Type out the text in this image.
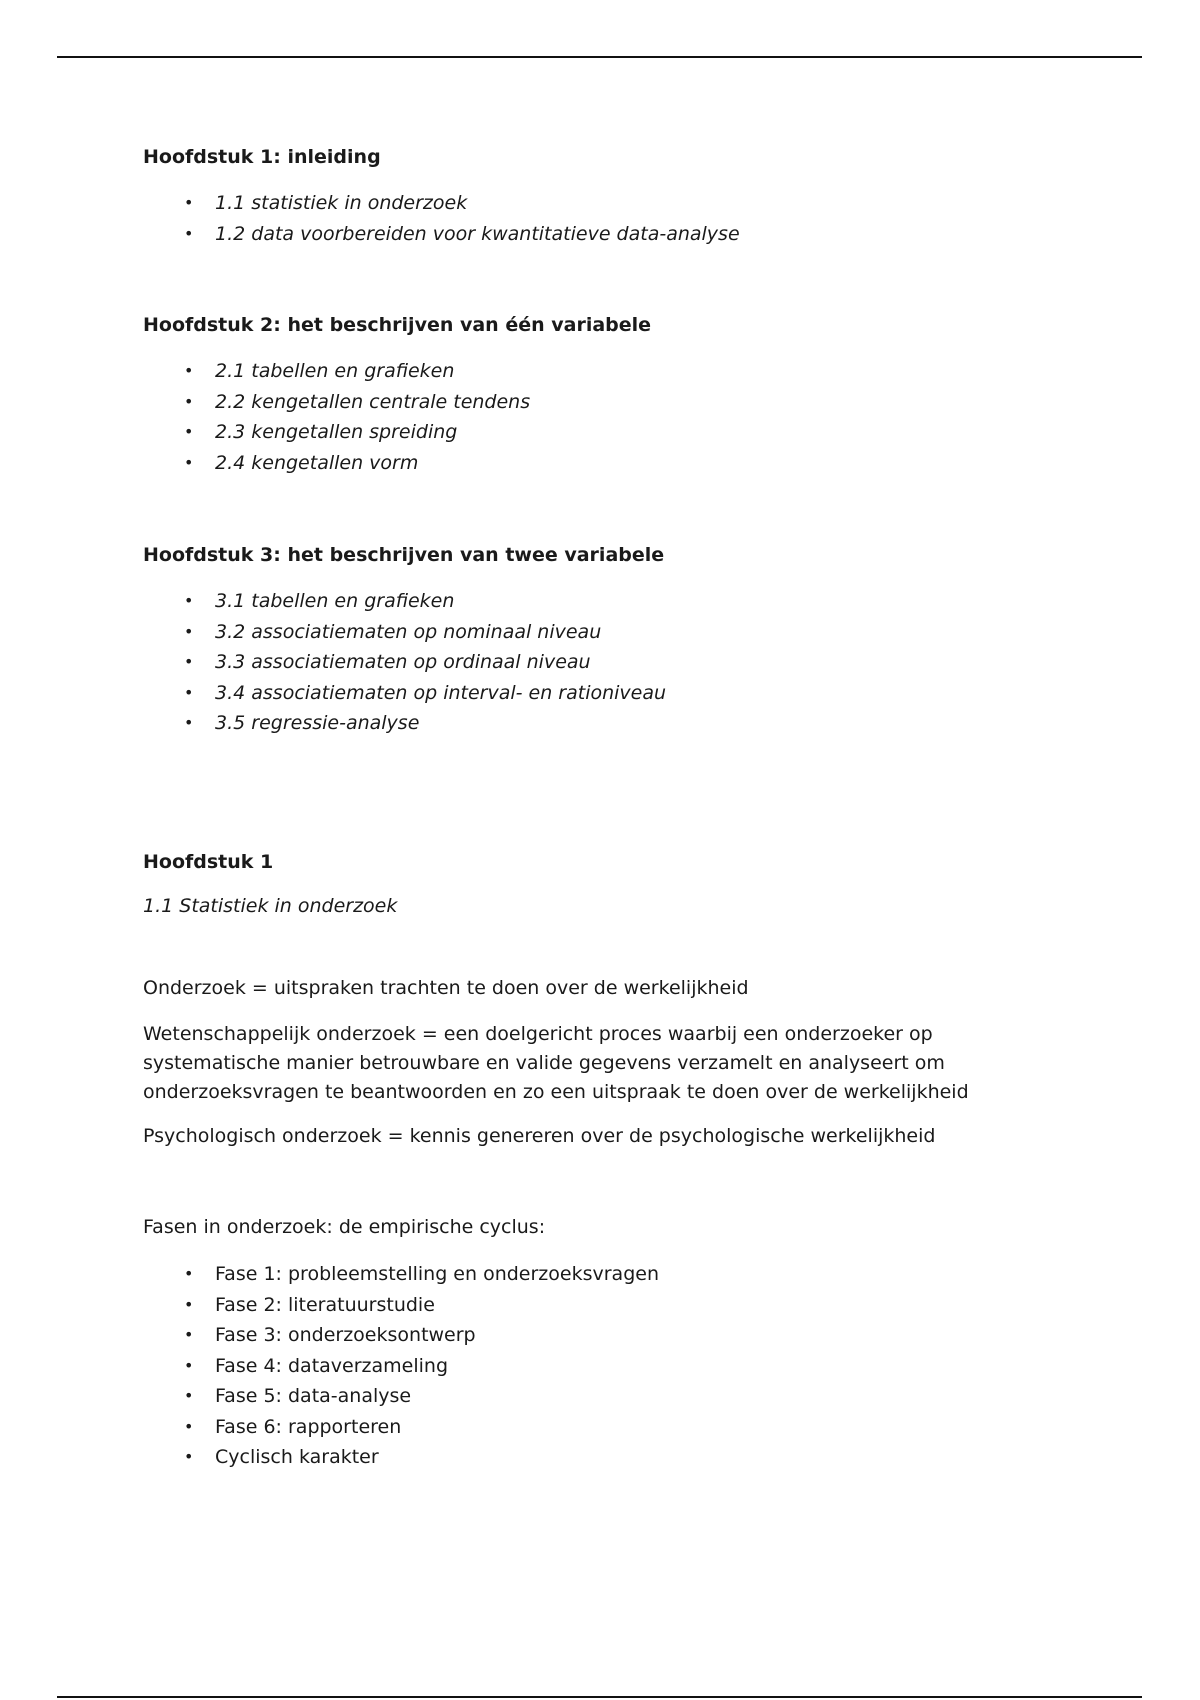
Hoofdstuk 1: inleiding

• 1.1 statistiek in onderzoek
• 1.2 data voorbereiden voor kwantitatieve data-analyse

Hoofdstuk 2: het beschrijven van één variabele

• 2.1 tabellen en grafieken
• 2.2 kengetallen centrale tendens
• 2.3 kengetallen spreiding
• 2.4 kengetallen vorm

Hoofdstuk 3: het beschrijven van twee variabele

• 3.1 tabellen en grafieken
• 3.2 associatiematen op nominaal niveau
• 3.3 associatiematen op ordinaal niveau
• 3.4 associatiematen op interval- en rationiveau
• 3.5 regressie-analyse

Hoofdstuk 1

1.1 Statistiek in onderzoek

Onderzoek = uitspraken trachten te doen over de werkelijkheid

Wetenschappelijk onderzoek = een doelgericht proces waarbij een onderzoeker op systematische manier betrouwbare en valide gegevens verzamelt en analyseert om onderzoeksvragen te beantwoorden en zo een uitspraak te doen over de werkelijkheid

Psychologisch onderzoek = kennis genereren over de psychologische werkelijkheid

Fasen in onderzoek: de empirische cyclus:

• Fase 1: probleemstelling en onderzoeksvragen
• Fase 2: literatuurstudie
• Fase 3: onderzoeksontwerp
• Fase 4: dataverzameling
• Fase 5: data-analyse
• Fase 6: rapporteren
• Cyclisch karakter
